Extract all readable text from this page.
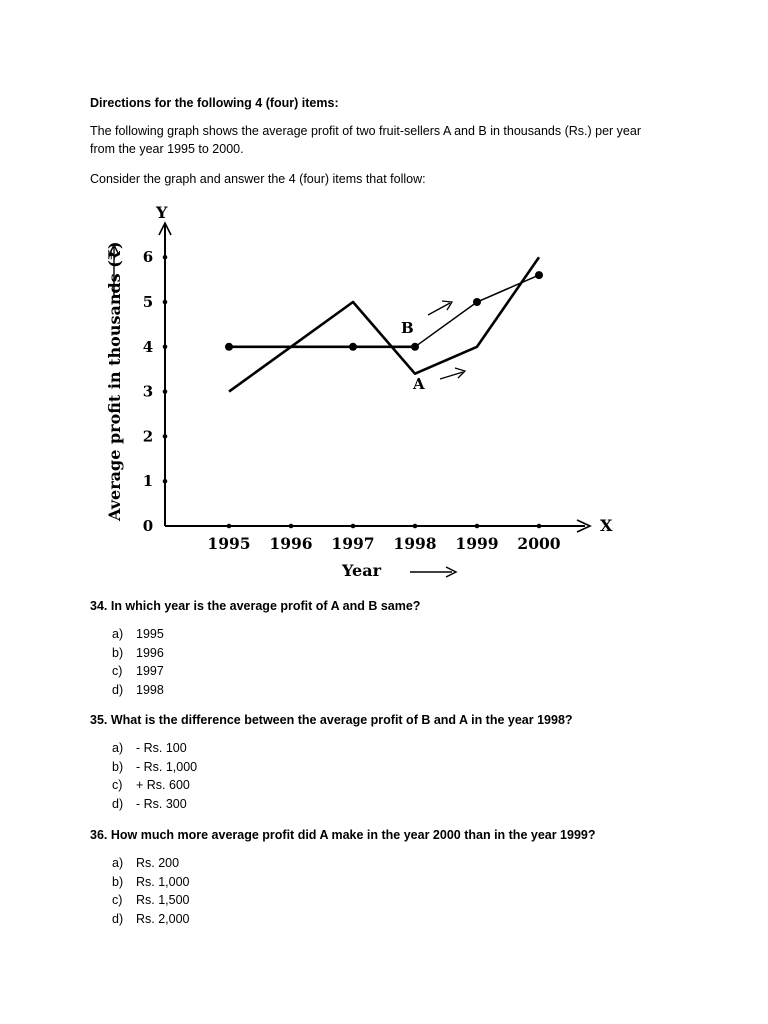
Directions for the following 4 (four) items:
The following graph shows the average profit of two fruit-sellers A and B in thousands (Rs.) per year
from the year 1995 to 2000.
Consider the graph and answer the 4 (four) items that follow:
X
Y
0
1
2
3
4
5
6
1995 1996 1997 1998 1999 2000
Year
Average profit in thousands (₹)	B
A
34. In which year is the average profit of A and B same?
a) 1995
b) 1996
c) 1997
d) 1998
35. What is the difference between the average profit of B and A in the year 1998?
a) - Rs. 100
b) - Rs. 1,000
c) + Rs. 600
d) - Rs. 300
36. How much more average profit did A make in the year 2000 than in the year 1999?
a) Rs. 200
b) Rs. 1,000
c) Rs. 1,500
d) Rs. 2,000
